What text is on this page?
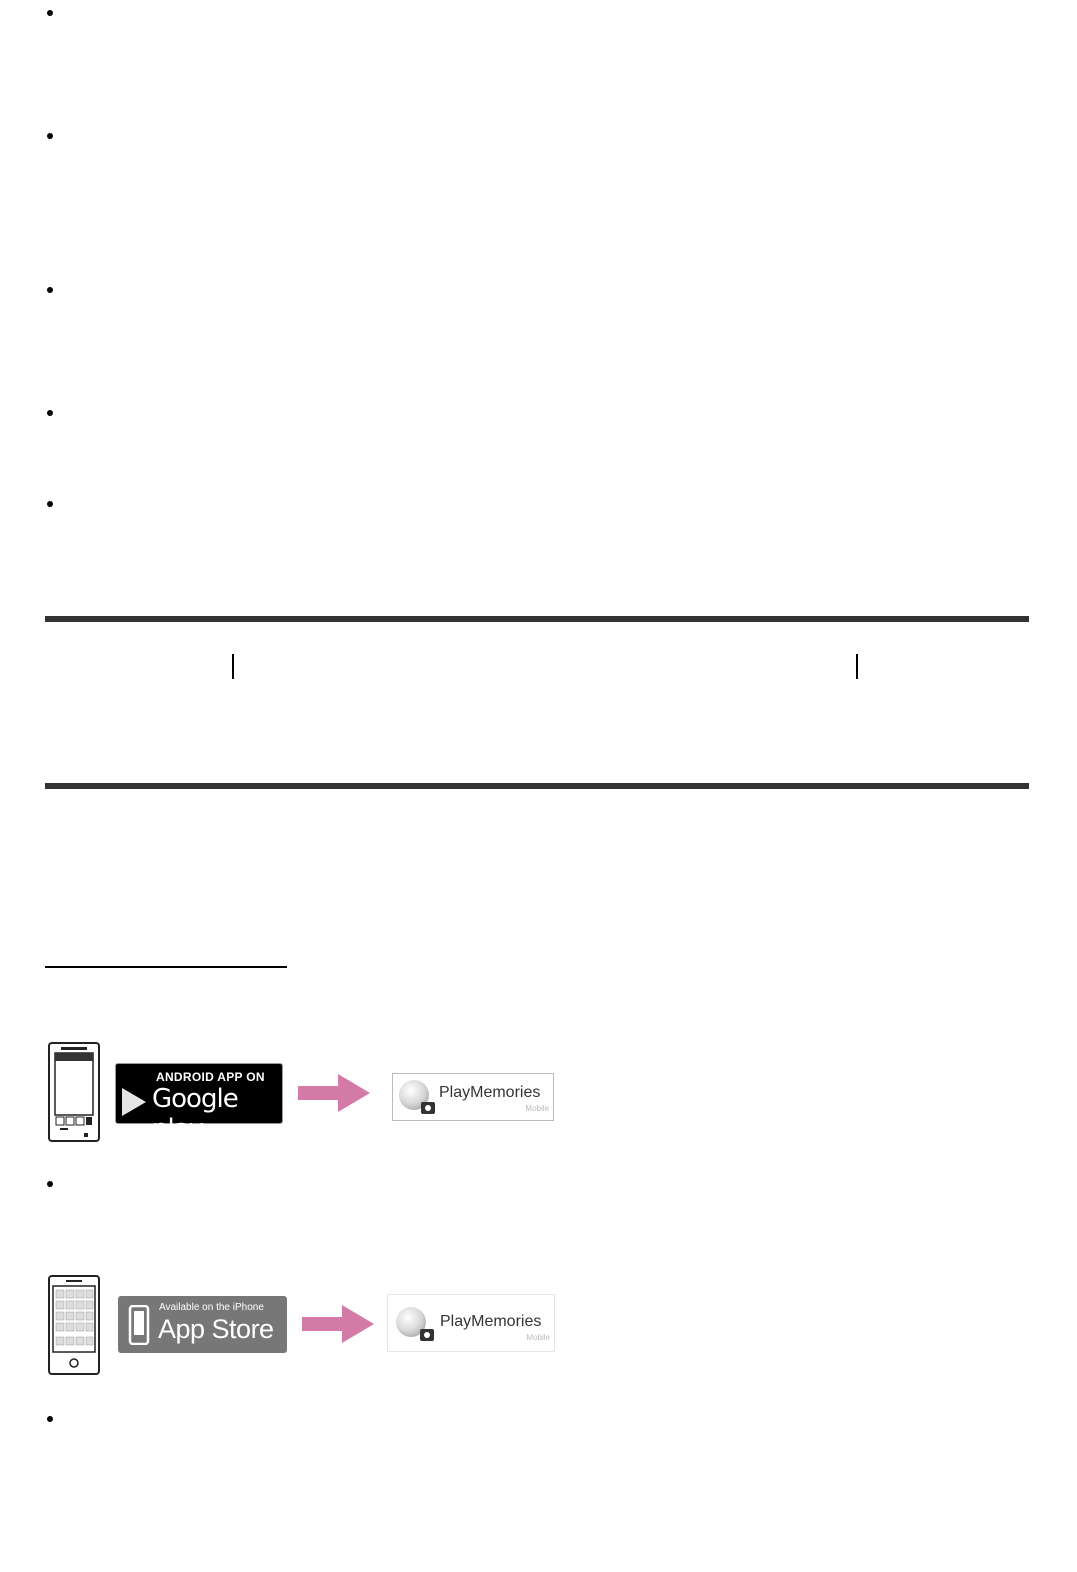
ANDROID APP ON
Google play
PlayMemories
Mobile
Available on the iPhone
App Store	PlayMemories
Mobile
